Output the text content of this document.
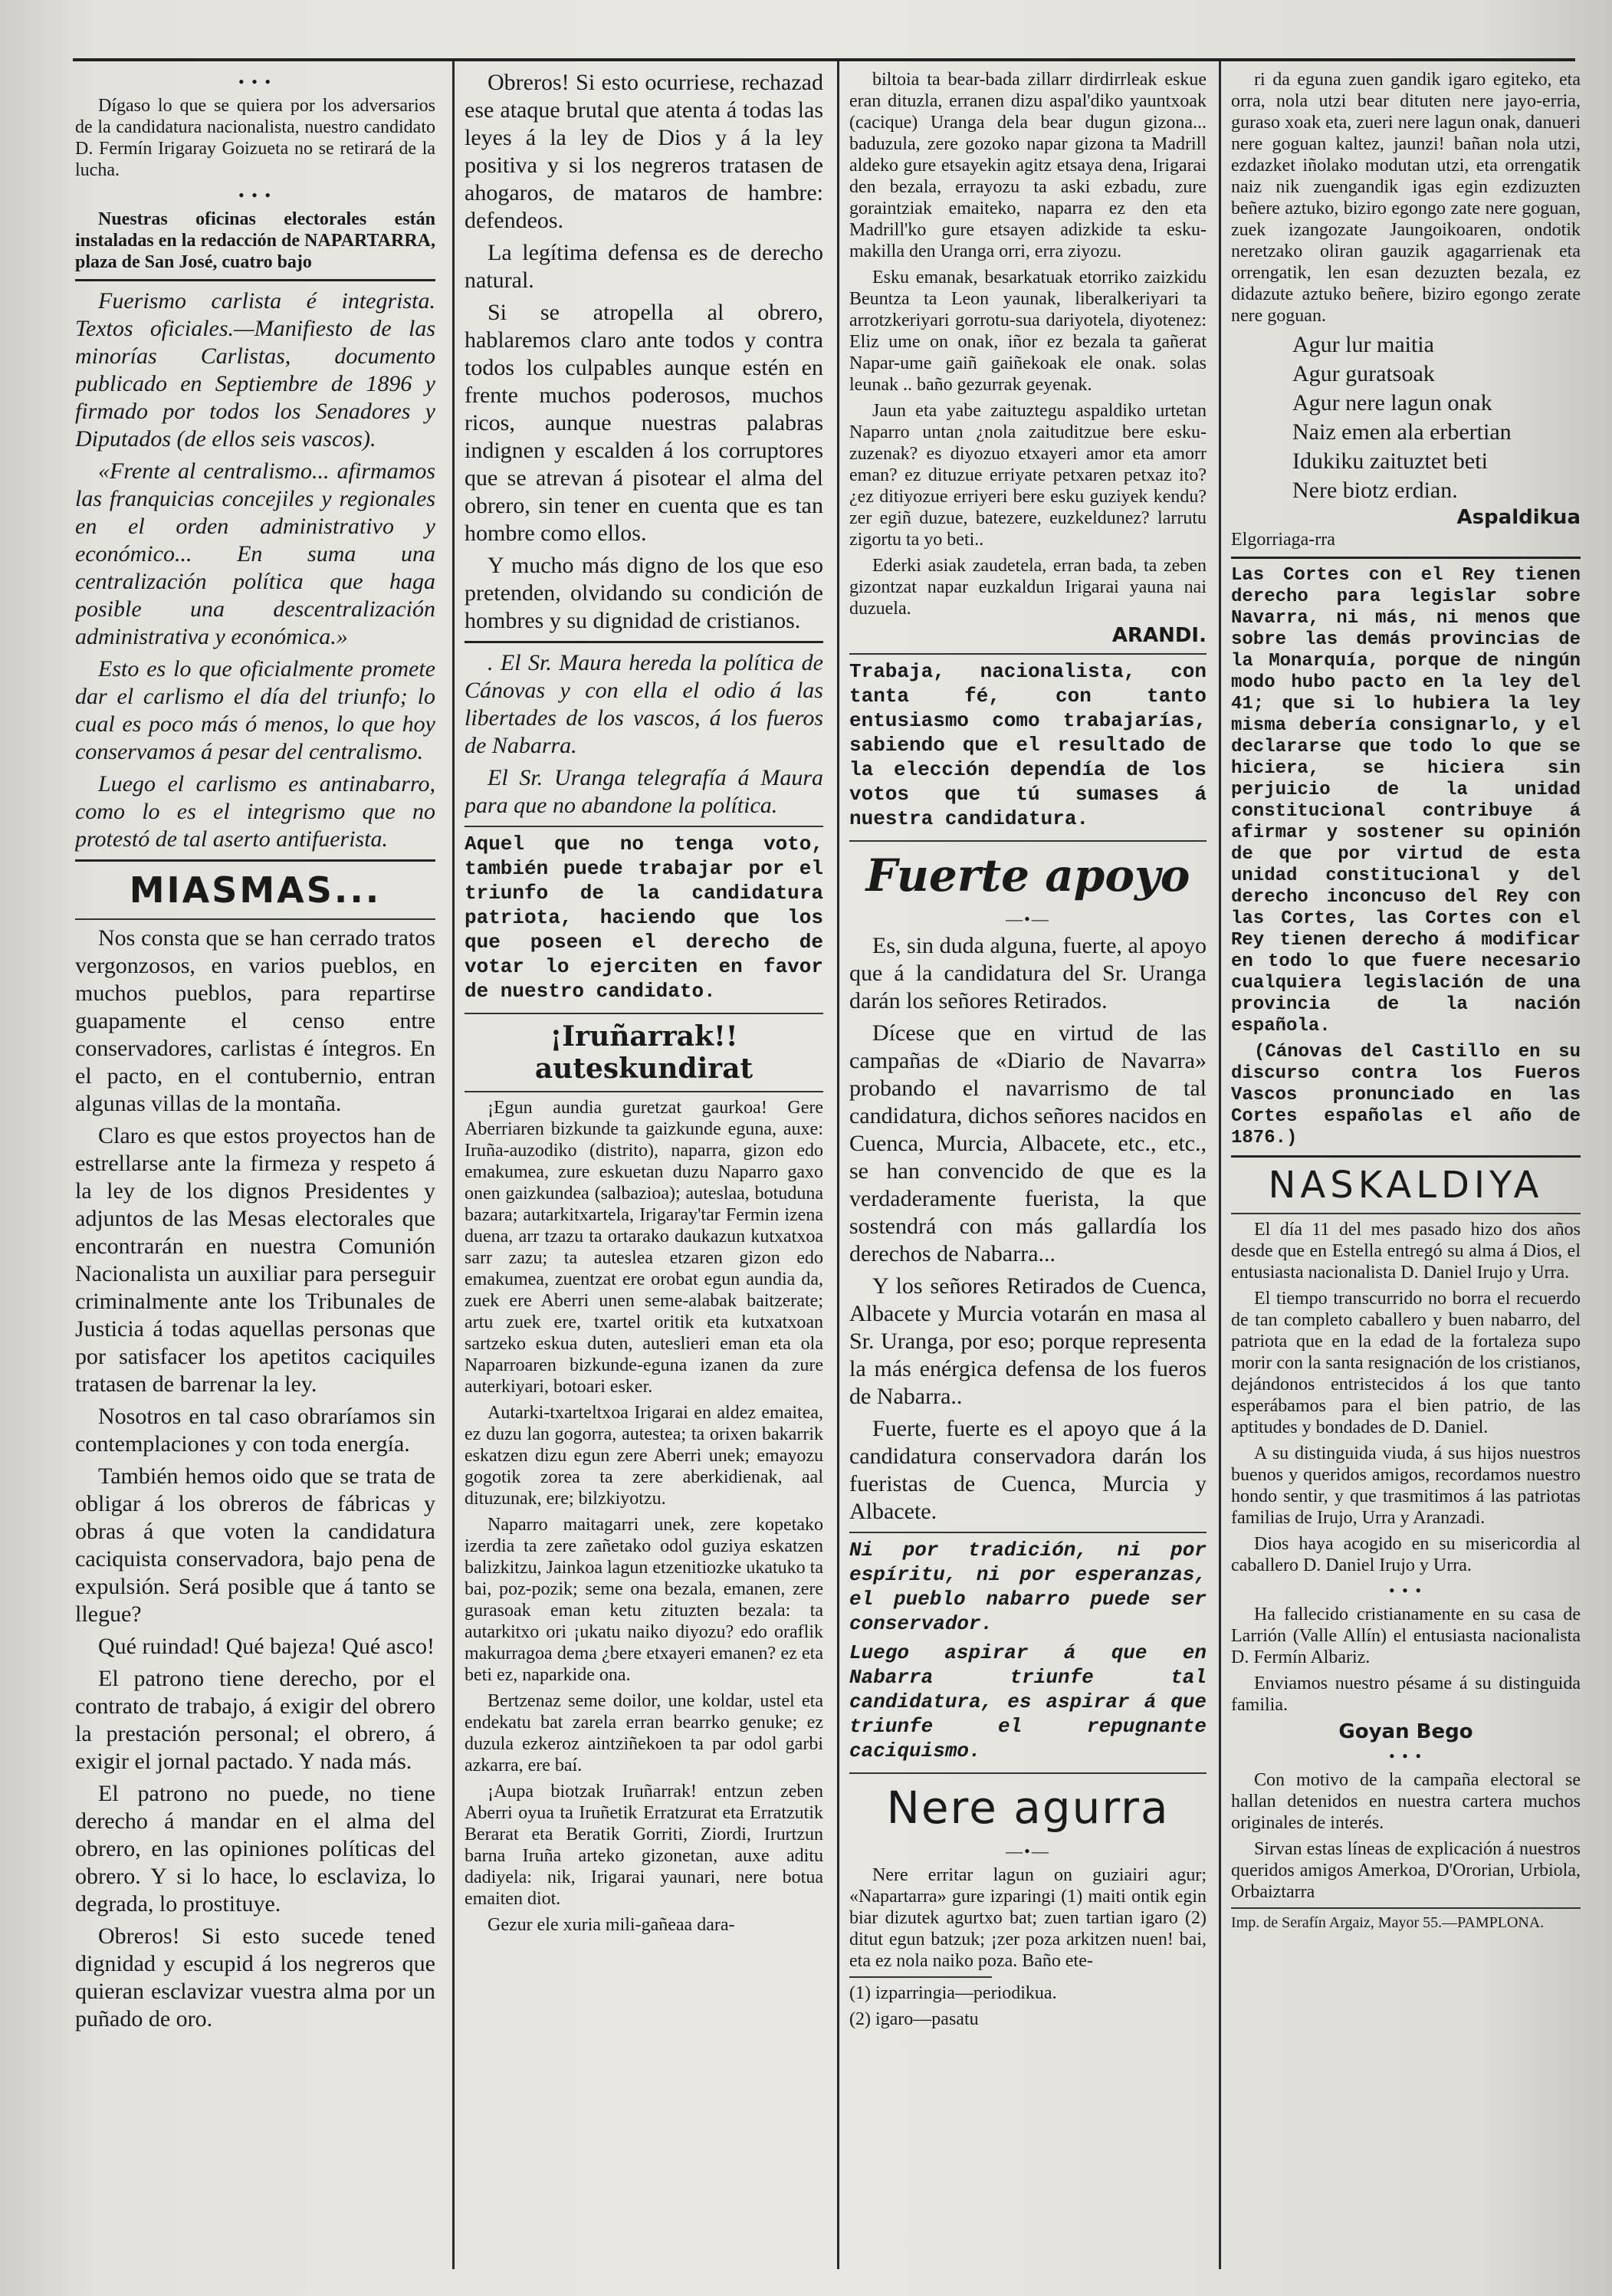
• • •

Dígaso lo que se quiera por los adversarios de la candidatura nacionalista, nuestro candidato D. Fermín Irigaray Goizueta no se retirará de la lucha.

• • •

Nuestras oficinas electorales están instaladas en la redacción de NAPARTARRA, plaza de San José, cuatro bajo

Fuerismo carlista é integrista. Textos oficiales.—Manifiesto de las minorías Carlistas, documento publicado en Septiembre de 1896 y firmado por todos los Senadores y Diputados (de ellos seis vascos).

«Frente al centralismo... afirmamos las franquicias concejiles y regionales en el orden administrativo y económico... En suma una centralización política que haga posible una descentralización administrativa y económica.»

Esto es lo que oficialmente promete dar el carlismo el día del triunfo; lo cual es poco más ó menos, lo que hoy conservamos á pesar del centralismo.

Luego el carlismo es antinabarro, como lo es el integrismo que no protestó de tal aserto antifuerista.

MIASMAS...

Nos consta que se han cerrado tratos vergonzosos, en varios pueblos, en muchos pueblos, para repartirse guapamente el censo entre conservadores, carlistas é íntegros. En el pacto, en el contubernio, entran algunas villas de la montaña.

Claro es que estos proyectos han de estrellarse ante la firmeza y respeto á la ley de los dignos Presidentes y adjuntos de las Mesas electorales que encontrarán en nuestra Comunión Nacionalista un auxiliar para perseguir criminalmente ante los Tribunales de Justicia á todas aquellas personas que por satisfacer los apetitos caciquiles tratasen de barrenar la ley.

Nosotros en tal caso obraríamos sin contemplaciones y con toda energía.

También hemos oido que se trata de obligar á los obreros de fábricas y obras á que voten la candidatura caciquista conservadora, bajo pena de expulsión. Será posible que á tanto se llegue?

Qué ruindad! Qué bajeza! Qué asco!

El patrono tiene derecho, por el contrato de trabajo, á exigir del obrero la prestación personal; el obrero, á exigir el jornal pactado. Y nada más.

El patrono no puede, no tiene derecho á mandar en el alma del obrero, en las opiniones políticas del obrero. Y si lo hace, lo esclaviza, lo degrada, lo prostituye.

Obreros! Si esto sucede tened dignidad y escupid á los negreros que quieran esclavizar vuestra alma por un puñado de oro.

Obreros! Si esto ocurriese, rechazad ese ataque brutal que atenta á todas las leyes á la ley de Dios y á la ley positiva y si los negreros tratasen de ahogaros, de mataros de hambre: defendeos.

La legítima defensa es de derecho natural.

Si se atropella al obrero, hablaremos claro ante todos y contra todos los culpables aunque estén en frente muchos poderosos, muchos ricos, aunque nuestras palabras indignen y escalden á los corruptores que se atrevan á pisotear el alma del obrero, sin tener en cuenta que es tan hombre como ellos.

Y mucho más digno de los que eso pretenden, olvidando su condición de hombres y su dignidad de cristianos.

. El Sr. Maura hereda la política de Cánovas y con ella el odio á las libertades de los vascos, á los fueros de Nabarra.

El Sr. Uranga telegrafía á Maura para que no abandone la política.

Aquel que no tenga voto, también puede trabajar por el triunfo de la candidatura patriota, haciendo que los que poseen el derecho de votar lo ejerciten en favor de nuestro candidato.

¡Iruñarrak!! auteskundirat

¡Egun aundia guretzat gaurkoa! Gere Aberriaren bizkunde ta gaizkunde eguna, auxe: Iruña-auzodiko (distrito), naparra, gizon edo emakumea, zure eskuetan duzu Naparro gaxo onen gaizkundea (salbazioa); auteslaa, botuduna bazara; autarkitxartela, Irigaray'tar Fermin izena duena, arr tzazu ta ortarako daukazun kutxatxoa sarr zazu; ta auteslea etzaren gizon edo emakumea, zuentzat ere orobat egun aundia da, zuek ere Aberri unen seme-alabak baitzerate; artu zuek ere, txartel oritik eta kutxatxoan sartzeko eskua duten, auteslieri eman eta ola Naparroaren bizkunde-eguna izanen da zure auterkiyari, botoari esker.

Autarki-txarteltxoa Irigarai en aldez emaitea, ez duzu lan gogorra, autestea; ta orixen bakarrik eskatzen dizu egun zere Aberri unek; emayozu gogotik zorea ta zere aberkidienak, aal dituzunak, ere; bilzkiyotzu.

Naparro maitagarri unek, zere kopetako izerdia ta zere zañetako odol guziya eskatzen balizkitzu, Jainkoa lagun etzenitiozke ukatuko ta bai, poz-pozik; seme ona bezala, emanen, zere gurasoak eman ketu zituzten bezala: ta autarkitxo ori ¡ukatu naiko diyozu? edo oraflik makurragoa dema ¿bere etxayeri emanen? ez eta beti ez, naparkide ona.

Bertzenaz seme doilor, une koldar, ustel eta endekatu bat zarela erran bearrko genuke; ez duzula ezkeroz aintziñekoen ta par odol garbi azkarra, ere baí.

¡Aupa biotzak Iruñarrak! entzun zeben Aberri oyua ta Iruñetik Erratzurat eta Erratzutik Berarat eta Beratik Gorriti, Ziordi, Irurtzun barna Iruña arteko gizonetan, auxe aditu dadiyela: nik, Irigarai yaunari, nere botua emaiten diot.

Gezur ele xuria mili-gañeaa dara-

biltoia ta bear-bada zillarr dirdirrleak eskue eran dituzla, erranen dizu aspal'diko yauntxoak (cacique) Uranga dela bear dugun gizona... baduzula, zere gozoko napar gizona ta Madrill aldeko gure etsayekin agitz etsaya dena, Irigarai den bezala, errayozu ta aski ezbadu, zure goraintziak emaiteko, naparra ez den eta Madrill'ko gure etsayen adizkide ta esku-makilla den Uranga orri, erra ziyozu.

Esku emanak, besarkatuak etorriko zaizkidu Beuntza ta Leon yaunak, liberalkeriyari ta arrotzkeriyari gorrotu-sua dariyotela, diyotenez: Eliz ume on onak, iñor ez bezala ta gañerat Napar-ume gaiñ gaiñekoak ele onak. solas leunak .. baño gezurrak geyenak.

Jaun eta yabe zaituztegu aspaldiko urtetan Naparro untan ¿nola zaituditzue bere esku-zuzenak? es diyozuo etxayeri amor eta amorr eman? ez dituzue erriyate petxaren petxaz ito? ¿ez ditiyozue erriyeri bere esku guziyek kendu? zer egiñ duzue, batezere, euzkeldunez? larrutu zigortu ta yo beti..

Ederki asiak zaudetela, erran bada, ta zeben gizontzat napar euzkaldun Irigarai yauna nai duzuela.

ARANDI.

Trabaja, nacionalista, con tanta fé, con tanto entusiasmo como trabajarías, sabiendo que el resultado de la elección dependía de los votos que tú sumases á nuestra candidatura.

Fuerte apoyo
—•—

Es, sin duda alguna, fuerte, al apoyo que á la candidatura del Sr. Uranga darán los señores Retirados.

Dícese que en virtud de las campañas de «Diario de Navarra» probando el navarrismo de tal candidatura, dichos señores nacidos en Cuenca, Murcia, Albacete, etc., etc., se han convencido de que es la verdaderamente fuerista, la que sostendrá con más gallardía los derechos de Nabarra...

Y los señores Retirados de Cuenca, Albacete y Murcia votarán en masa al Sr. Uranga, por eso; porque representa la más enérgica defensa de los fueros de Nabarra..

Fuerte, fuerte es el apoyo que á la candidatura conservadora darán los fueristas de Cuenca, Murcia y Albacete.

Ni por tradición, ni por espíritu, ni por esperanzas, el pueblo nabarro puede ser conservador.

Luego aspirar á que en Nabarra triunfe tal candidatura, es aspirar á que triunfe el repugnante caciquismo.

Nere agurra
—•—

Nere erritar lagun on guziairi agur; «Napartarra» gure izparingi (1) maiti ontik egin biar dizutek agurtxo bat; zuen tartian igaro (2) ditut egun batzuk; ¡zer poza arkitzen nuen! bai, eta ez nola naiko poza. Baño ete-

(1) izparringia—periodikua.

(2) igaro—pasatu

ri da eguna zuen gandik igaro egiteko, eta orra, nola utzi bear dituten nere jayo-erria, guraso xoak eta, zueri nere lagun onak, danueri nere goguan kaltez, jaunzi! bañan nola utzi, ezdazket iñolako modutan utzi, eta orrengatik naiz nik zuengandik igas egin ezdizuzten beñere aztuko, biziro egongo zate nere goguan, zuek izangozate Jaungoikoaren, ondotik neretzako oliran gauzik agagarrienak eta orrengatik, len esan dezuzten bezala, ez didazute aztuko beñere, biziro egongo zerate nere goguan.

Agur lur maitia

Agur guratsoak

Agur nere lagun onak

Naiz emen ala erbertian

Idukiku zaituztet beti

Nere biotz erdian.

Aspaldikua

Elgorriaga-rra

Las Cortes con el Rey tienen derecho para legislar sobre Navarra, ni más, ni menos que sobre las demás provincias de la Monarquía, porque de ningún modo hubo pacto en la ley del 41; que si lo hubiera la ley misma debería consignarlo, y el declararse que todo lo que se hiciera, se hiciera sin perjuicio de la unidad constitucional contribuye á afirmar y sostener su opinión de que por virtud de esta unidad constitucional y del derecho inconcuso del Rey con las Cortes, las Cortes con el Rey tienen derecho á modificar en todo lo que fuere necesario cualquiera legislación de una provincia de la nación española.

(Cánovas del Castillo en su discurso contra los Fueros Vascos pronunciado en las Cortes españolas el año de 1876.)

NASKALDIYA

El día 11 del mes pasado hizo dos años desde que en Estella entregó su alma á Dios, el entusiasta nacionalista D. Daniel Irujo y Urra.

El tiempo transcurrido no borra el recuerdo de tan completo caballero y buen nabarro, del patriota que en la edad de la fortaleza supo morir con la santa resignación de los cristianos, dejándonos entristecidos á los que tanto esperábamos para el bien patrio, de las aptitudes y bondades de D. Daniel.

A su distinguida viuda, á sus hijos nuestros buenos y queridos amigos, recordamos nuestro hondo sentir, y que trasmitimos á las patriotas familias de Irujo, Urra y Aranzadi.

Dios haya acogido en su misericordia al caballero D. Daniel Irujo y Urra.

• • •

Ha fallecido cristianamente en su casa de Larrión (Valle Allín) el entusiasta nacionalista D. Fermín Albariz.

Enviamos nuestro pésame á su distinguida familia.

Goyan Bego
• • •

Con motivo de la campaña electoral se hallan detenidos en nuestra cartera muchos originales de interés.

Sirvan estas líneas de explicación á nuestros queridos amigos Amerkoa, D'Ororian, Urbiola, Orbaiztarra

Imp. de Serafín Argaiz, Mayor 55.—PAMPLONA.
